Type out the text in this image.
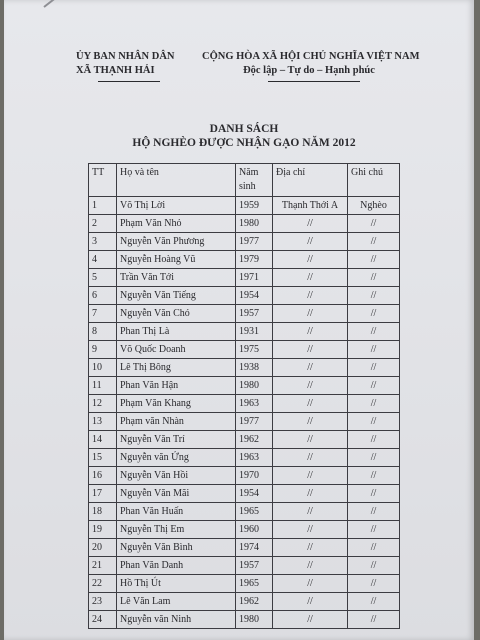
ỦY BAN NHÂN DÂN
XÃ THẠNH HẢI
CỘNG HÒA XÃ HỘI CHỦ NGHĨA VIỆT NAM
Độc lập – Tự do – Hạnh phúc
DANH SÁCH
HỘ NGHÈO ĐƯỢC NHẬN GẠO NĂM 2012
TT	Họ và tên	Năm sinh	Địa chỉ	Ghi chú
1	Võ Thị Lời	1959	Thạnh Thới A	Nghèo
2	Phạm Văn Nhỏ	1980	//	//
3	Nguyễn Văn Phương	1977	//	//
4	Nguyễn Hoàng Vũ	1979	//	//
5	Trần Văn Tới	1971	//	//
6	Nguyễn Văn Tiếng	1954	//	//
7	Nguyễn Văn Chó	1957	//	//
8	Phan Thị Là	1931	//	//
9	Võ Quốc Doanh	1975	//	//
10	Lê Thị Bông	1938	//	//
11	Phan Văn Hận	1980	//	//
12	Phạm Văn Khang	1963	//	//
13	Phạm văn Nhàn	1977	//	//
14	Nguyễn Văn Trí	1962	//	//
15	Nguyễn văn Ửng	1963	//	//
16	Nguyễn Văn Hồi	1970	//	//
17	Nguyễn Văn Mãi	1954	//	//
18	Phan Văn Huấn	1965	//	//
19	Nguyễn Thị Em	1960	//	//
20	Nguyễn Văn Bình	1974	//	//
21	Phan Văn Danh	1957	//	//
22	Hồ Thị Út	1965	//	//
23	Lê Văn Lam	1962	//	//
24	Nguyễn văn Ninh	1980	//	//
